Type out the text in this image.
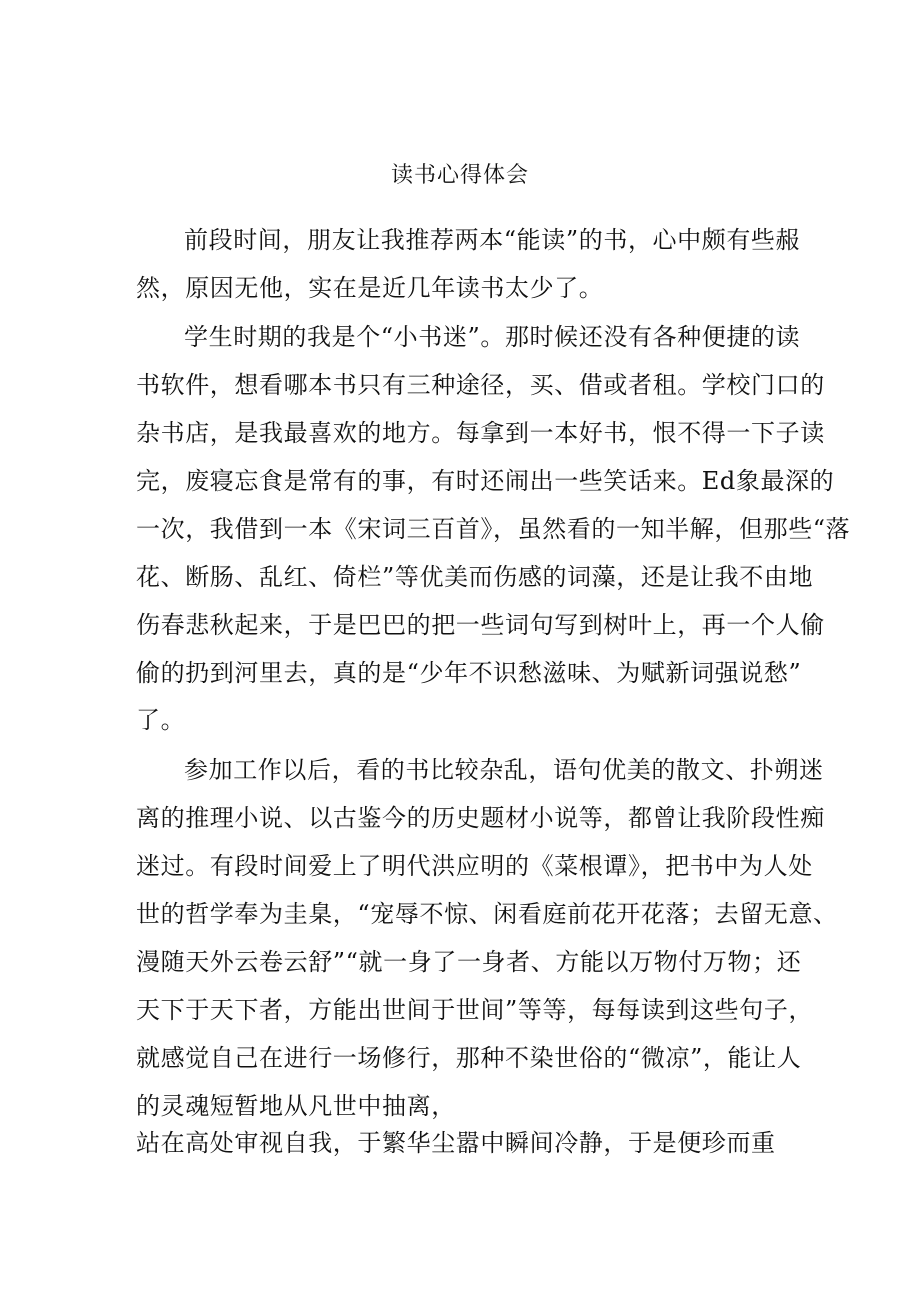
读书心得体会
前段时间，朋友让我推荐两本“能读”的书，心中颇有些赧
然，原因无他，实在是近几年读书太少了。
学生时期的我是个“小书迷”。那时候还没有各种便捷的读
书软件，想看哪本书只有三种途径，买、借或者租。学校门口的
杂书店，是我最喜欢的地方。每拿到一本好书，恨不得一下子读
完，废寝忘食是常有的事，有时还闹出一些笑话来。Ed象最深的
一次，我借到一本《宋词三百首》，虽然看的一知半解，但那些“落
花、断肠、乱红、倚栏”等优美而伤感的词藻，还是让我不由地
伤春悲秋起来，于是巴巴的把一些词句写到树叶上，再一个人偷
偷的扔到河里去，真的是“少年不识愁滋味、为赋新词强说愁”
了。
参加工作以后，看的书比较杂乱，语句优美的散文、扑朔迷
离的推理小说、以古鉴今的历史题材小说等，都曾让我阶段性痴
迷过。有段时间爱上了明代洪应明的《菜根谭》，把书中为人处
世的哲学奉为圭臬，“宠辱不惊、闲看庭前花开花落；去留无意、
漫随天外云卷云舒”“就一身了一身者、方能以万物付万物；还
天下于天下者，方能出世间于世间”等等，每每读到这些句子，
就感觉自己在进行一场修行，那种不染世俗的“微凉”，能让人
的灵魂短暂地从凡世中抽离，
站在高处审视自我，于繁华尘嚣中瞬间冷静，于是便珍而重
